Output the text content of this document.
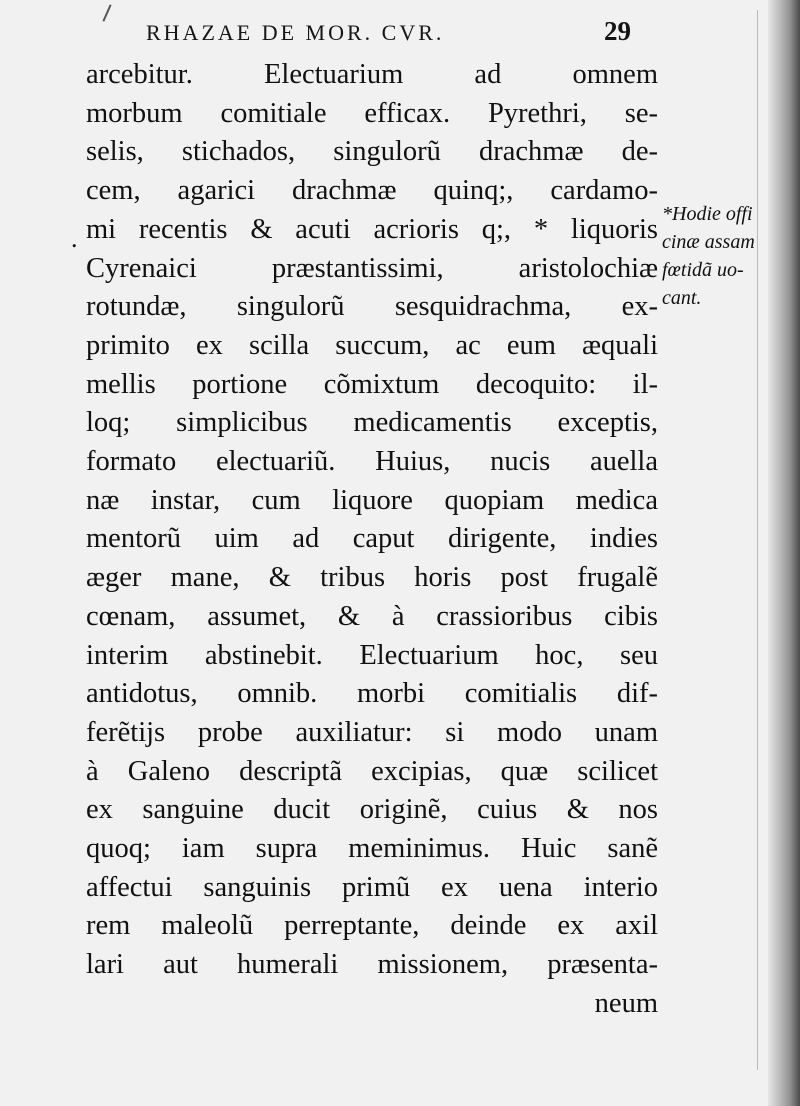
RHAZAE DE MOR. CVR.	29
.
arcebitur. Electuarium ad omnem
morbum comitiale efficax. Pyrethri, se-
selis, stichados, singulorũ drachmæ de-
cem, agarici drachmæ quinq;, cardamo-
mi recentis & acuti acrioris q;, * liquoris
Cyrenaici præstantissimi, aristolochiæ
rotundæ, singulorũ sesquidrachma, ex-
primito ex scilla succum, ac eum æquali
mellis portione cõmixtum decoquito: il-
loq; simplicibus medicamentis exceptis,
formato electuariũ. Huius, nucis auella
næ instar, cum liquore quopiam medica
mentorũ uim ad caput dirigente, indies
æger mane, & tribus horis post frugalẽ
cœnam, assumet, & à crassioribus cibis
interim abstinebit. Electuarium hoc, seu
antidotus, omnib. morbi comitialis dif-
ferẽtijs probe auxiliatur: si modo unam
à Galeno descriptã excipias, quæ scilicet
ex sanguine ducit originẽ, cuius & nos
quoq; iam supra meminimus. Huic sanẽ
affectui sanguinis primũ ex uena interio
rem maleolũ perreptante, deinde ex axil
lari aut humerali missionem, præsenta-
neum
*Hodie offi
cinæ assam
fœtidã uo-
cant.
